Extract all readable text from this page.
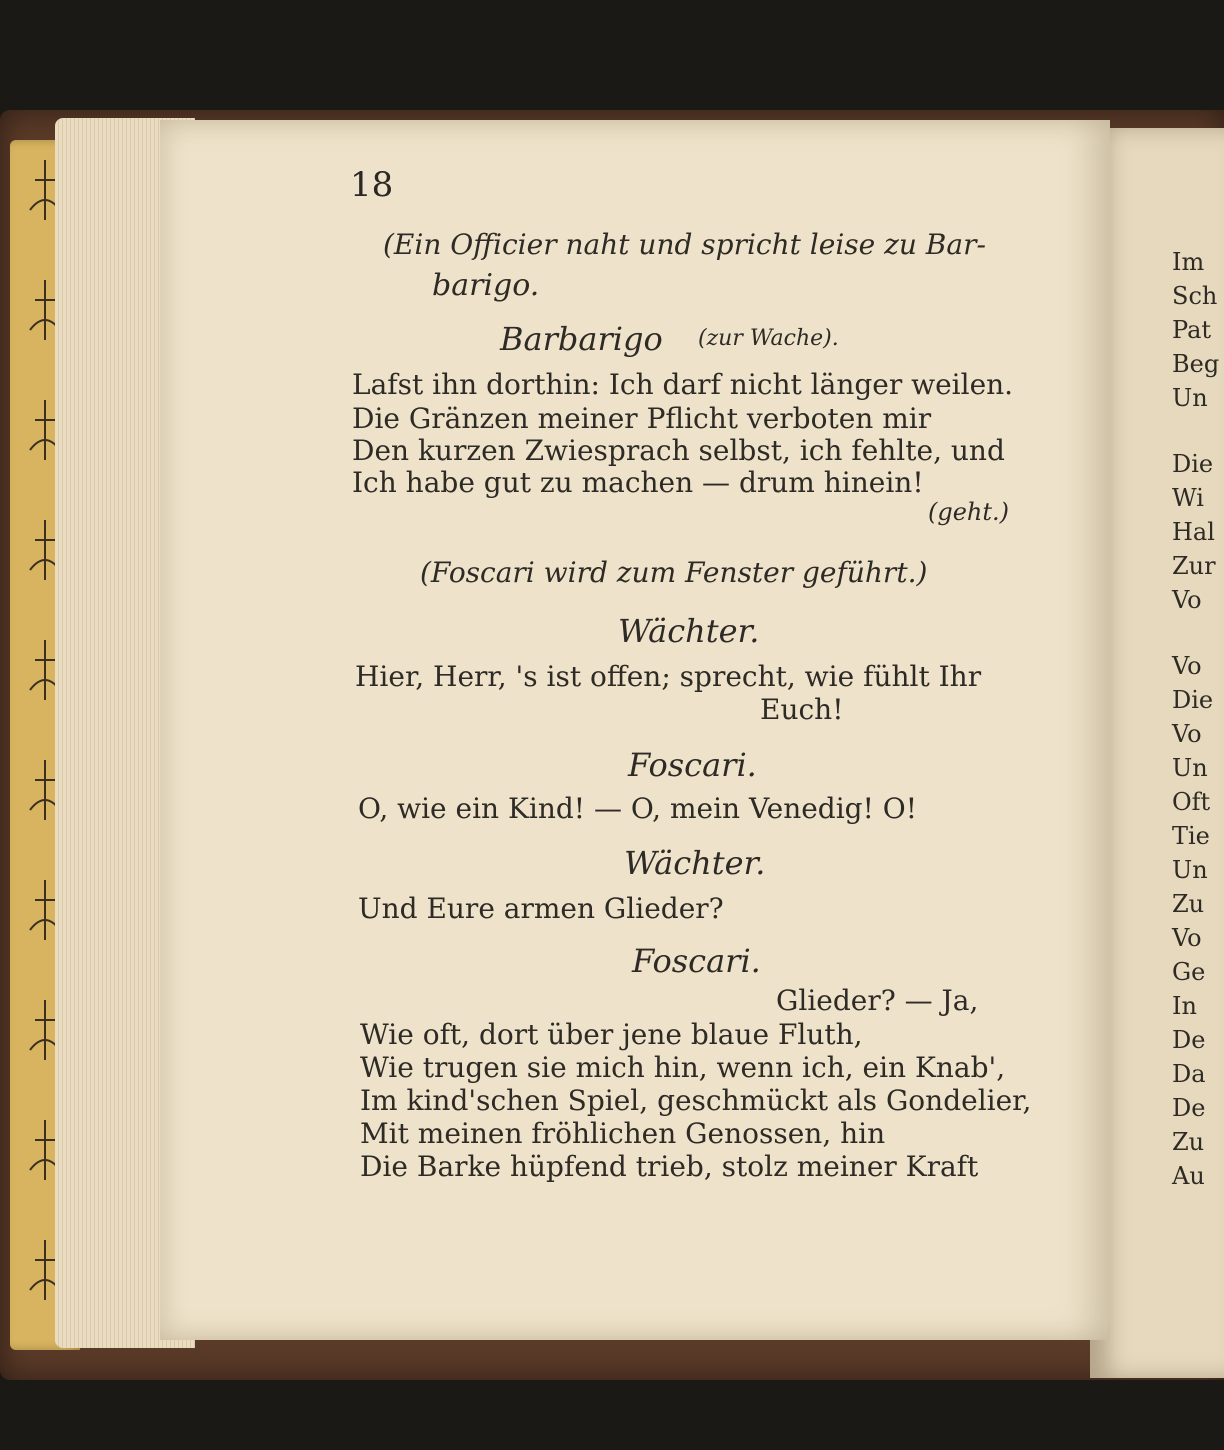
Im
Sch
Pat
Beg
Un
Die
Wi
Hal
Zur
Vo
Vo
Die
Vo
Un
Oft
Tie
Un
Zu
Vo
Ge
In
De
Da
De
Zu
Au
18
(Ein Officier naht und spricht leise zu Bar-
barigo.
Barbarigo (zur Wache).
Lafst ihn dorthin: Ich darf nicht länger weilen.
Die Gränzen meiner Pflicht verboten mir
Den kurzen Zwiesprach selbst, ich fehlte, und
Ich habe gut zu machen — drum hinein!
(geht.)
(Foscari wird zum Fenster geführt.)
Wächter.
Hier, Herr, 's ist offen; sprecht, wie fühlt Ihr
Euch!
Foscari.
O, wie ein Kind! — O, mein Venedig! O!
Wächter.
Und Eure armen Glieder?
Foscari.
Glieder? — Ja,
Wie oft, dort über jene blaue Fluth,
Wie trugen sie mich hin, wenn ich, ein Knab',
Im kind'schen Spiel, geschmückt als Gondelier,
Mit meinen fröhlichen Genossen, hin
Die Barke hüpfend trieb, stolz meiner Kraft
